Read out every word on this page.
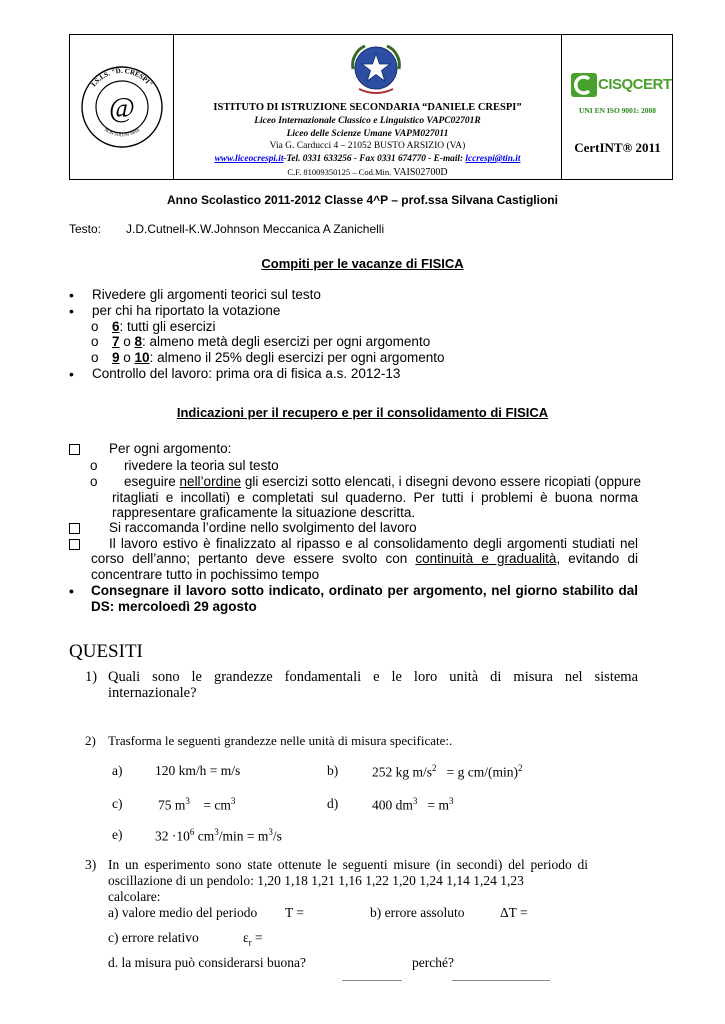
I.S.I.S. "D. CRESPI"
NON SOLUM MIHI
@	ISTITUTO DI ISTRUZIONE SECONDARIA “DANIELE CRESPI”
Liceo Internazionale Classico e Linguistico VAPC02701R
Liceo delle Scienze Umane VAPM027011
Via G. Carducci 4 – 21052 BUSTO ARSIZIO (VA)
www.liceocrespi.it-Tel. 0331 633256 - Fax 0331 674770 - E-mail: lccrespi@tin.it
C.F. 81009350125 – Cod.Min. VAIS02700D
CISQCERT
UNI EN ISO 9001: 2008
CertINT® 2011
Anno Scolastico 2011-2012 Classe 4^P – prof.ssa Silvana Castiglioni
Testo: J.D.Cutnell-K.W.Johnson Meccanica A Zanichelli
Compiti per le vacanze di FISICA
• Rivedere gli argomenti teorici sul testo
• per chi ha riportato la votazione
o 6: tutti gli esercizi
o 7 o 8: almeno metà degli esercizi per ogni argomento
o 9 o 10: almeno il 25% degli esercizi per ogni argomento
• Controllo del lavoro: prima ora di fisica a.s. 2012-13
Indicazioni per il recupero e per il consolidamento di FISICA
Per ogni argomento:
o rivedere la teoria sul testo
o eseguire nell’ordine gli esercizi sotto elencati, i disegni devono essere ricopiati (oppure
ritagliati e incollati) e completati sul quaderno. Per tutti i problemi è buona norma
rappresentare graficamente la situazione descritta.
Si raccomanda l’ordine nello svolgimento del lavoro
Il lavoro estivo è finalizzato al ripasso e al consolidamento degli argomenti studiati nel
corso dell’anno; pertanto deve essere svolto con continuità e gradualità, evitando di
concentrare tutto in pochissimo tempo
• Consegnare il lavoro sotto indicato, ordinato per argomento, nel giorno stabilito dal
DS: mercoloedì 29 agosto
QUESITI
1) Quali sono le grandezze fondamentali e le loro unità di misura nel sistema
internazionale?
2) Trasforma le seguenti grandezze nelle unità di misura specificate:.
a) 120 km/h = m/s	b)	252 kg $m/s^2 = g$ $cm/(\min)^2$
c)	75 $m^3 = cm^3$	d)	400 $dm^3 = m^3$
e) $32 \cdot 10^6$ $cm^3/\min = m^3/s$
3) In un esperimento sono state ottenute le seguenti misure (in secondi) del periodo di
oscillazione di un pendolo: 1,20 1,18 1,21 1,16 1,22 1,20 1,24 1,14 1,24 1,23
calcolare:
a) valore medio del periodo T =	b) errore assoluto	ΔT =
c) errore relativo	$\varepsilon_r$ =
d. la misura può considerarsi buona?	perché?
